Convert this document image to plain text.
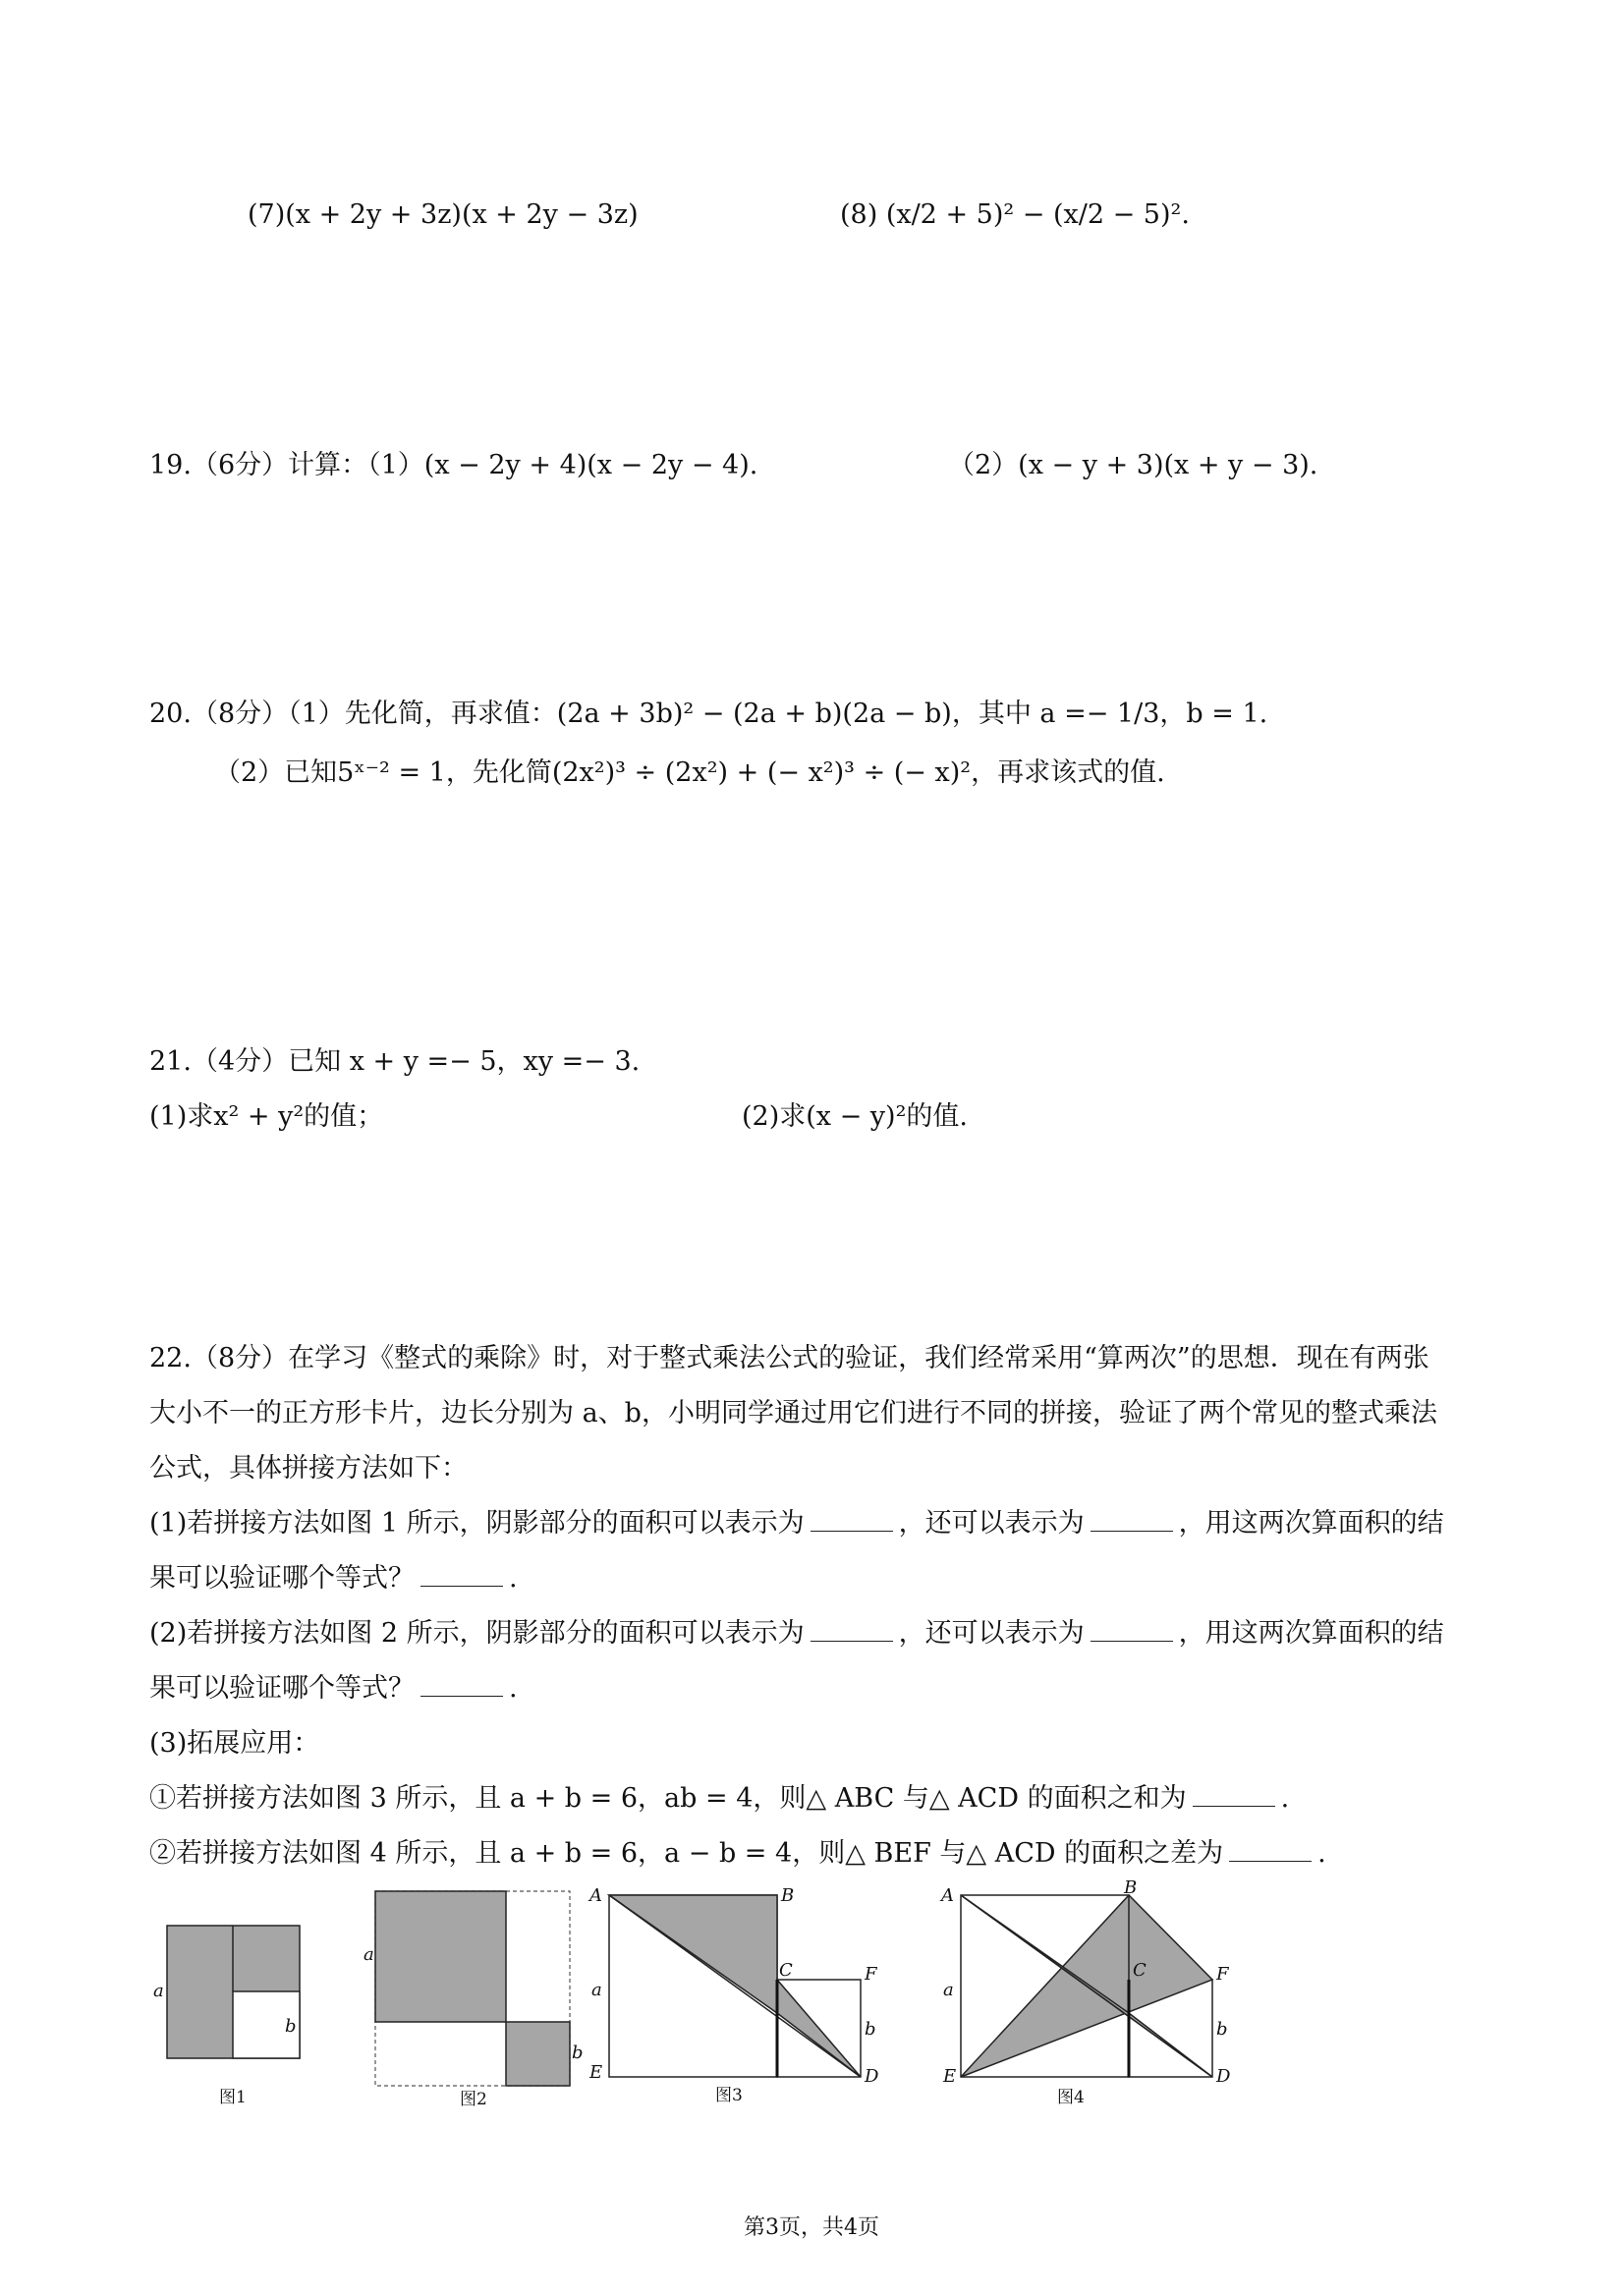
(7)(x + 2y + 3z)(x + 2y − 3z)	(8) (x/2 + 5)² − (x/2 − 5)².
19.（6分）计算：（1）(x − 2y + 4)(x − 2y − 4).	（2）(x − y + 3)(x + y − 3).
20.（8分）（1）先化简，再求值：(2a + 3b)² − (2a + b)(2a − b)，其中 a =− 1/3，b = 1.
（2）已知5ˣ⁻² = 1，先化简(2x²)³ ÷ (2x²) + (− x²)³ ÷ (− x)²，再求该式的值.
21.（4分）已知 x + y =− 5，xy =− 3.
(1)求x² + y²的值；	(2)求(x − y)²的值.
22.（8分）在学习《整式的乘除》时，对于整式乘法公式的验证，我们经常采用“算两次”的思想．现在有两张
大小不一的正方形卡片，边长分别为 a、b，小明同学通过用它们进行不同的拼接，验证了两个常见的整式乘法
公式，具体拼接方法如下：
(1)若拼接方法如图 1 所示，阴影部分的面积可以表示为	，还可以表示为	，用这两次算面积的结
果可以验证哪个等式？	.
(2)若拼接方法如图 2 所示，阴影部分的面积可以表示为	，还可以表示为	，用这两次算面积的结
果可以验证哪个等式？	.
(3)拓展应用：
①若拼接方法如图 3 所示，且 a + b = 6，ab = 4，则△ ABC 与△ ACD 的面积之和为	.
②若拼接方法如图 4 所示，且 a + b = 6，a − b = 4，则△ BEF 与△ ACD 的面积之差为	.
a
b
图1
a
b
图2
A	B
C	F
a
b
E	D
图3
A	B
C	F
a
b
E	D
图4
第3页，共4页
